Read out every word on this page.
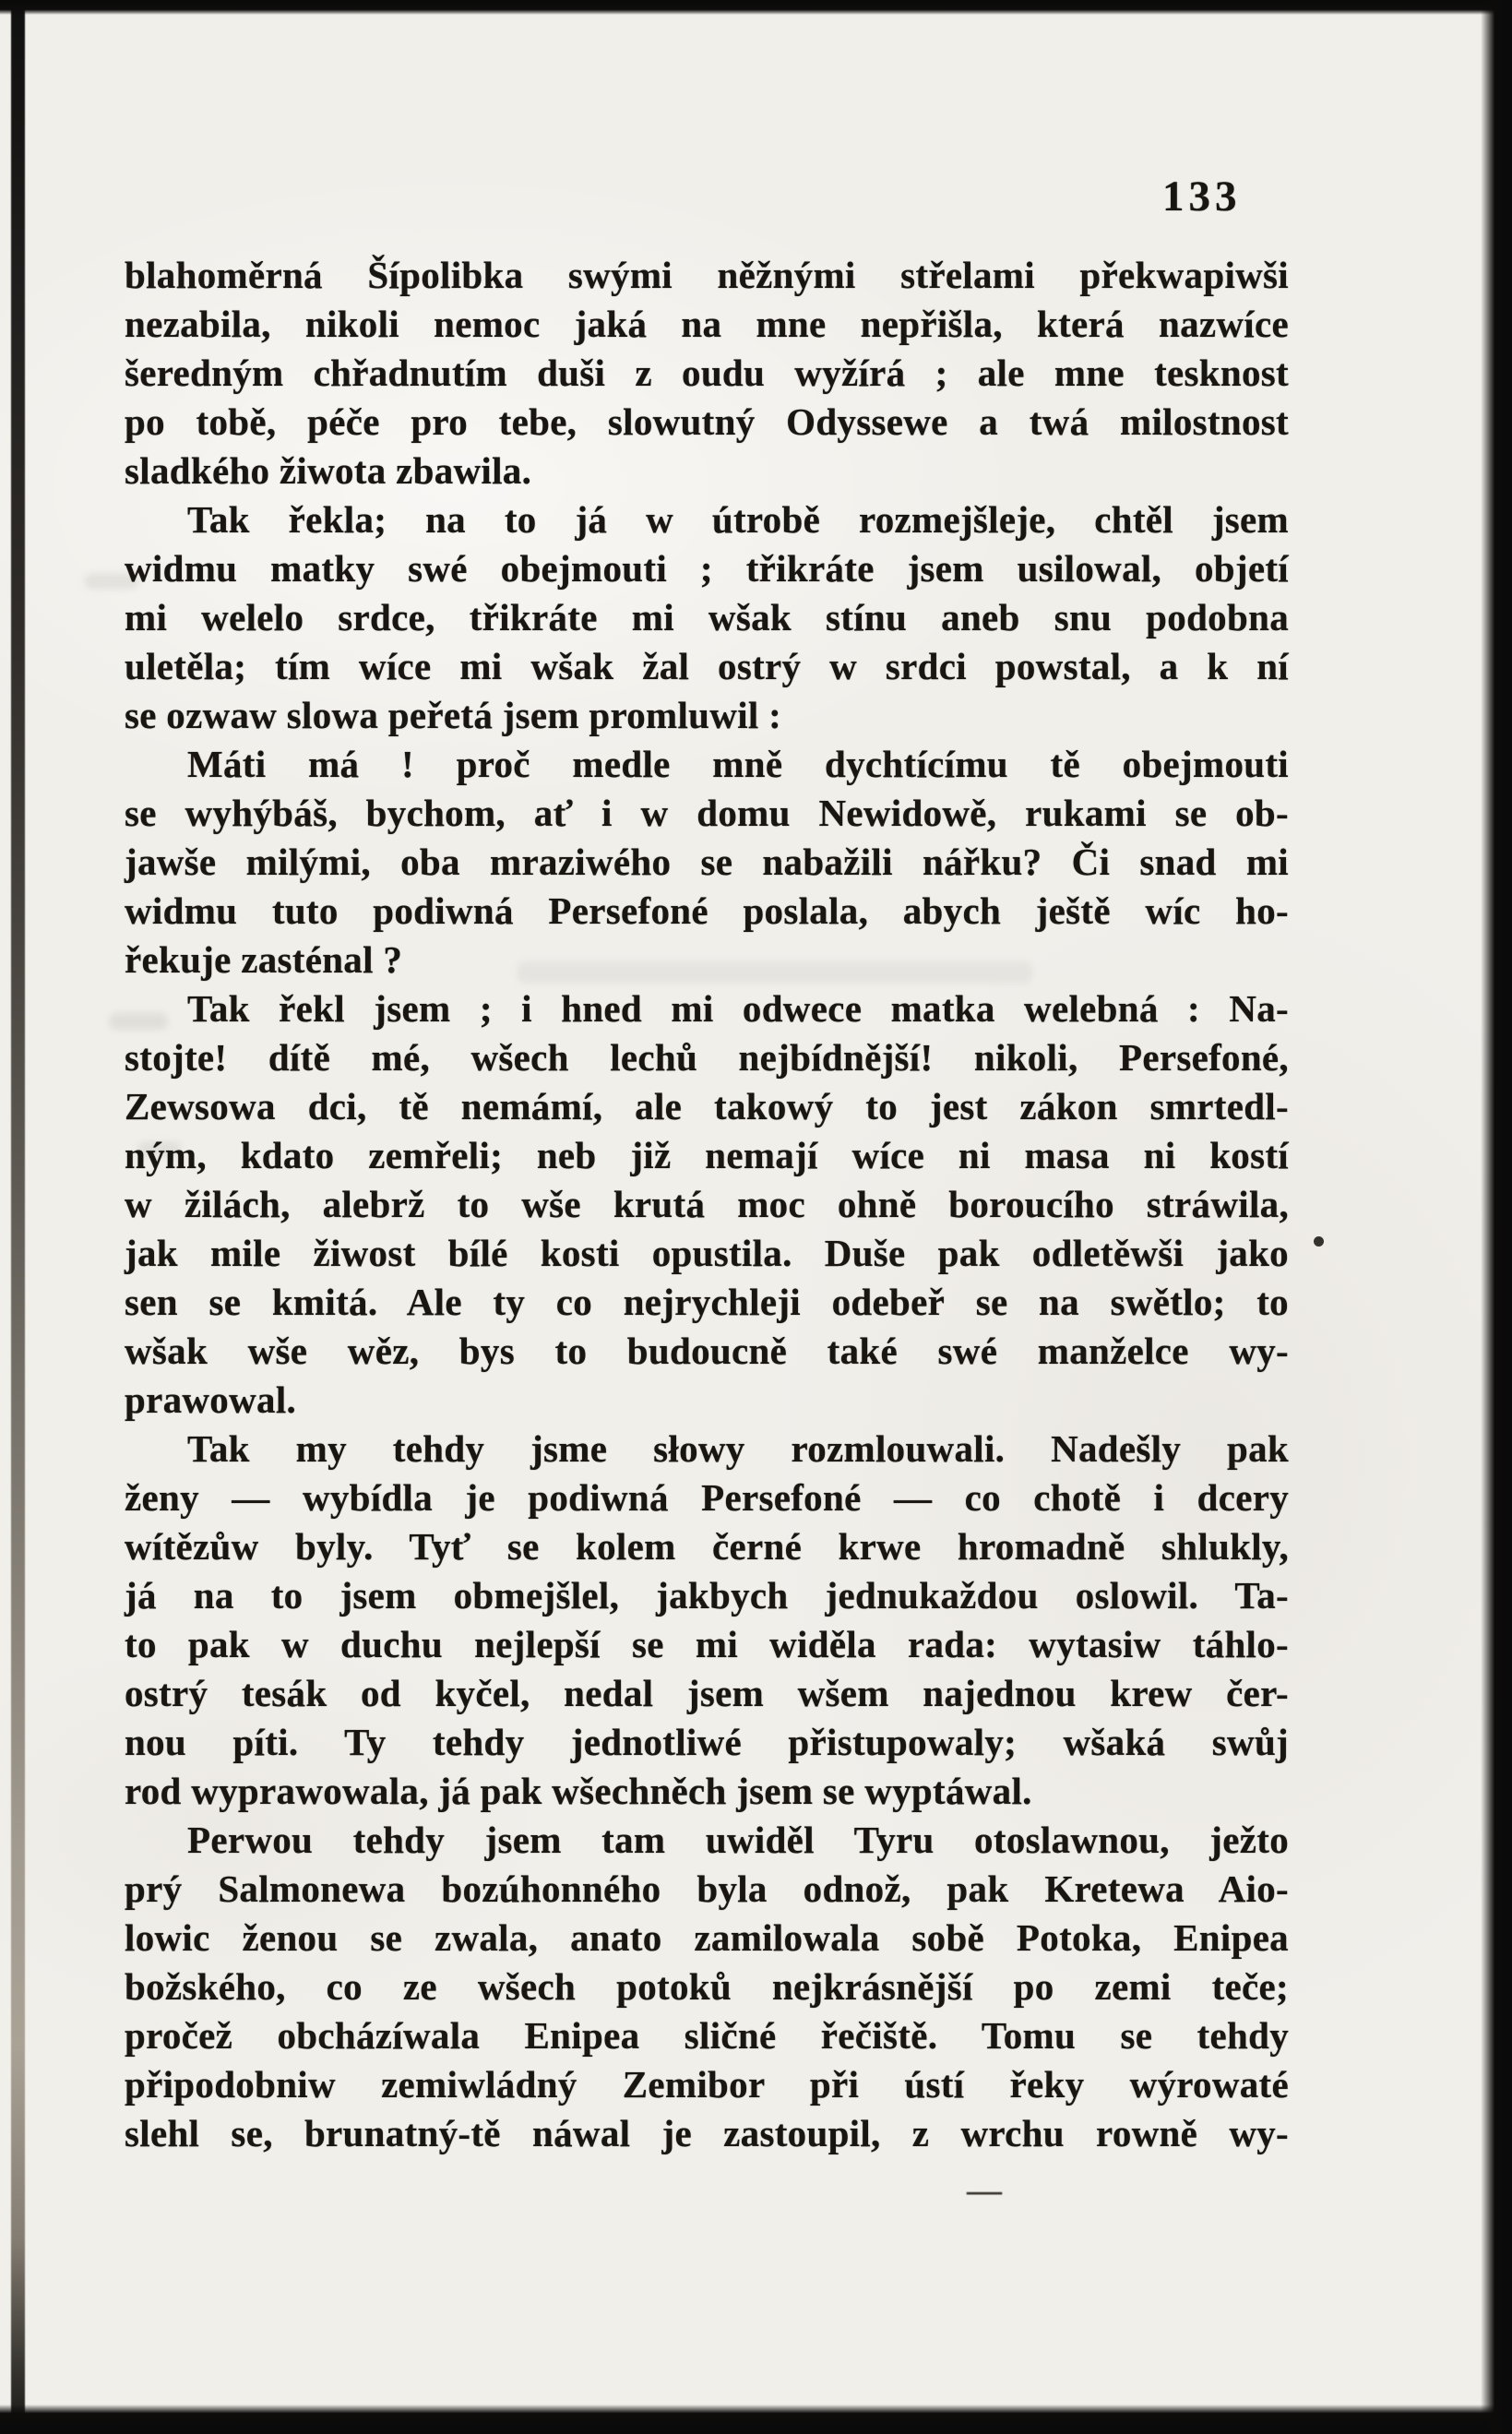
133
blahoměrná Šípolibka swými něžnými střelami překwapiwši
nezabila, nikoli nemoc jaká na mne nepřišla, která nazwíce
šeredným chřadnutím duši z oudu wyžírá ; ale mne tesknost
po tobě, péče pro tebe, slowutný Odyssewe a twá milostnost
sladkého žiwota zbawila.
Tak řekla; na to já w útrobě rozmejšleje, chtěl jsem
widmu matky swé obejmouti ; třikráte jsem usilowal, objetí
mi welelo srdce, třikráte mi wšak stínu aneb snu podobna
uletěla; tím wíce mi wšak žal ostrý w srdci powstal, a k ní
se ozwaw slowa peřetá jsem promluwil :
Máti má ! proč medle mně dychtícímu tě obejmouti
se wyhýbáš, bychom, ať i w domu Newidowě, rukami se ob-
jawše milými, oba mraziwého se nabažili nářku? Či snad mi
widmu tuto podiwná Persefoné poslala, abych ještě wíc ho-
řekuje zasténal ?
Tak řekl jsem ; i hned mi odwece matka welebná : Na-
stojte! dítě mé, wšech lechů nejbídnější! nikoli, Persefoné,
Zewsowa dci, tě nemámí, ale takowý to jest zákon smrtedl-
ným, kdato zemřeli; neb již nemají wíce ni masa ni kostí
w žilách, alebrž to wše krutá moc ohně boroucího stráwila,
jak mile žiwost bílé kosti opustila. Duše pak odletěwši jako
sen se kmitá. Ale ty co nejrychleji odebeř se na swětlo; to
wšak wše wěz, bys to budoucně také swé manželce wy-
prawowal.
Tak my tehdy jsme słowy rozmlouwali. Nadešly pak
ženy — wybídla je podiwná Persefoné — co chotě i dcery
wítězůw byly. Tyť se kolem černé krwe hromadně shlukly,
já na to jsem obmejšlel, jakbych jednukaždou oslowil. Ta-
to pak w duchu nejlepší se mi widěla rada: wytasiw táhlo-
ostrý tesák od kyčel, nedal jsem wšem najednou krew čer-
nou píti. Ty tehdy jednotliwé přistupowaly; wšaká swůj
rod wyprawowala, já pak wšechněch jsem se wyptáwal.
Perwou tehdy jsem tam uwiděl Tyru otoslawnou, ježto
prý Salmonewa bozúhonného byla odnož, pak Kretewa Aio-
lowic ženou se zwala, anato zamilowala sobě Potoka, Enipea
božského, co ze wšech potoků nejkrásnější po zemi teče;
pročež obcházíwala Enipea sličné řečiště. Tomu se tehdy
připodobniw zemiwládný Zemibor při ústí řeky wýrowaté
slehl se, brunatný-tě náwal je zastoupil, z wrchu rowně wy-
—
